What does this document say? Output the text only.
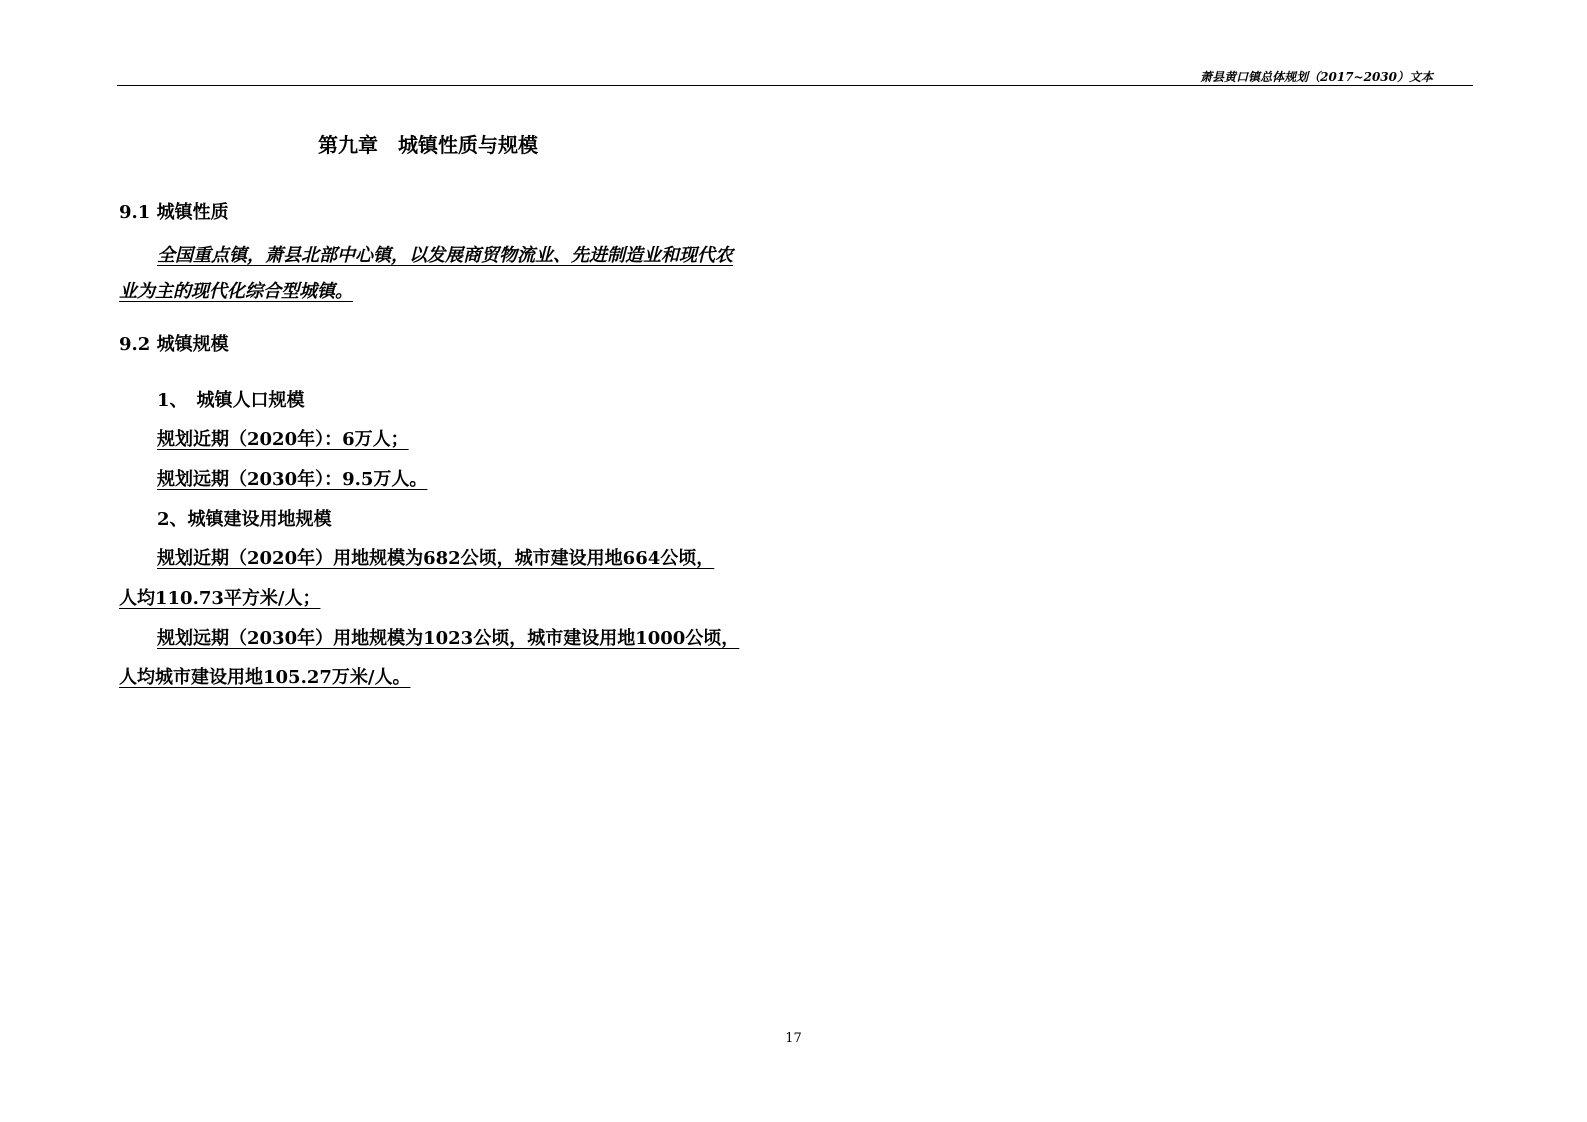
萧县黄口镇总体规划（2017~2030）文本
第九章　城镇性质与规模
9.1 城镇性质
全国重点镇，萧县北部中心镇，以发展商贸物流业、先进制造业和现代农
业为主的现代化综合型城镇。
9.2 城镇规模
1、　城镇人口规模
规划近期（2020年）：6万人；
规划远期（2030年）：9.5万人。
2、城镇建设用地规模
规划近期（2020年）用地规模为682公顷，城市建设用地664公顷，
人均110.73平方米/人；
规划远期（2030年）用地规模为1023公顷，城市建设用地1000公顷，
人均城市建设用地105.27万米/人。
17
